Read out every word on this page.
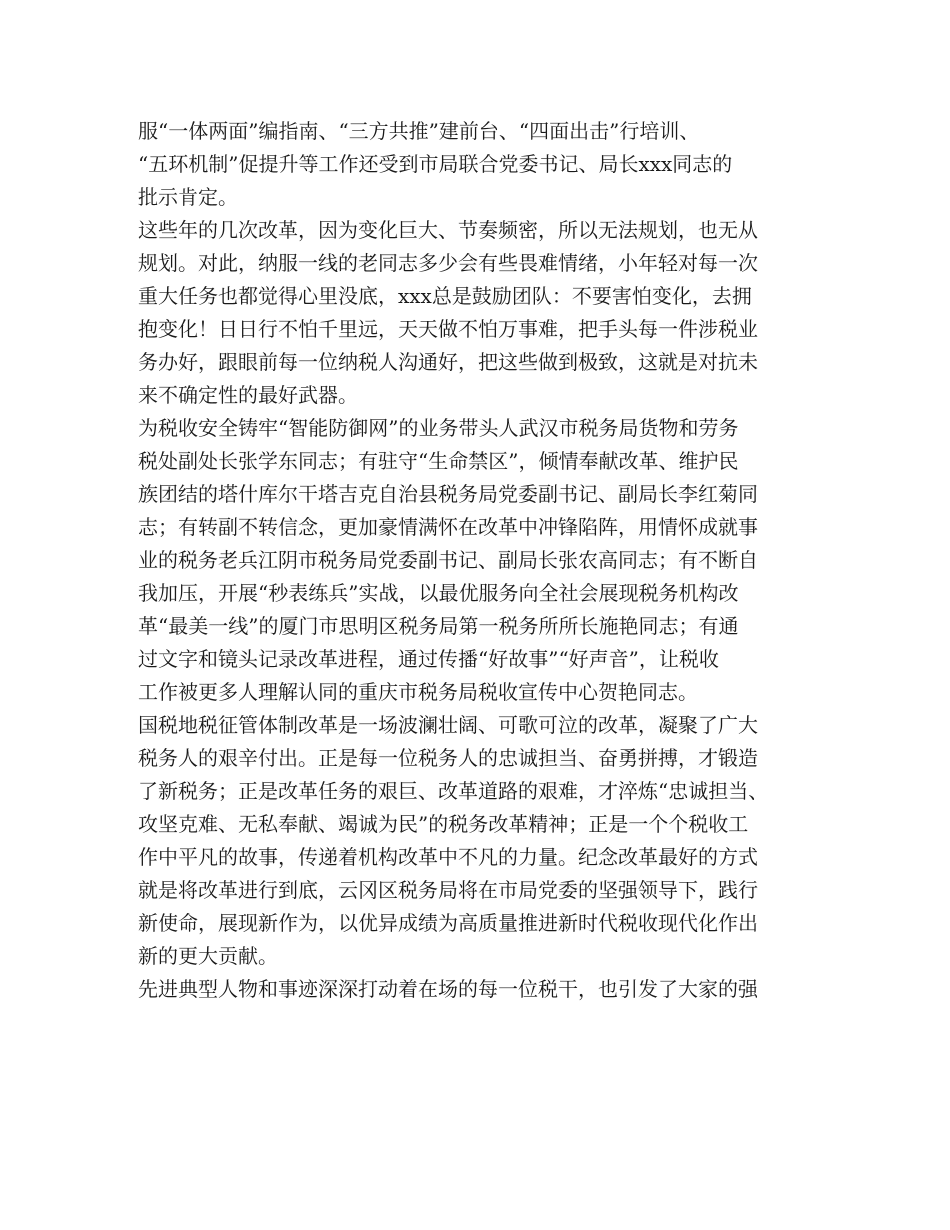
服“一体两面”编指南、“三方共推”建前台、“四面出击”行培训、
“五环机制”促提升等工作还受到市局联合党委书记、局长xxx同志的
批示肯定。
这些年的几次改革，因为变化巨大、节奏频密，所以无法规划，也无从
规划。对此，纳服一线的老同志多少会有些畏难情绪，小年轻对每一次
重大任务也都觉得心里没底，xxx总是鼓励团队：不要害怕变化，去拥
抱变化！日日行不怕千里远，天天做不怕万事难，把手头每一件涉税业
务办好，跟眼前每一位纳税人沟通好，把这些做到极致，这就是对抗未
来不确定性的最好武器。
为税收安全铸牢“智能防御网”的业务带头人武汉市税务局货物和劳务
税处副处长张学东同志；有驻守“生命禁区”，倾情奉献改革、维护民
族团结的塔什库尔干塔吉克自治县税务局党委副书记、副局长李红菊同
志；有转副不转信念，更加豪情满怀在改革中冲锋陷阵，用情怀成就事
业的税务老兵江阴市税务局党委副书记、副局长张农高同志；有不断自
我加压，开展“秒表练兵”实战，以最优服务向全社会展现税务机构改
革“最美一线”的厦门市思明区税务局第一税务所所长施艳同志；有通
过文字和镜头记录改革进程，通过传播“好故事”“好声音”，让税收
工作被更多人理解认同的重庆市税务局税收宣传中心贺艳同志。
国税地税征管体制改革是一场波澜壮阔、可歌可泣的改革，凝聚了广大
税务人的艰辛付出。正是每一位税务人的忠诚担当、奋勇拼搏，才锻造
了新税务；正是改革任务的艰巨、改革道路的艰难，才淬炼“忠诚担当、
攻坚克难、无私奉献、竭诚为民”的税务改革精神；正是一个个税收工
作中平凡的故事，传递着机构改革中不凡的力量。纪念改革最好的方式
就是将改革进行到底，云冈区税务局将在市局党委的坚强领导下，践行
新使命，展现新作为，以优异成绩为高质量推进新时代税收现代化作出
新的更大贡献。
先进典型人物和事迹深深打动着在场的每一位税干，也引发了大家的强
